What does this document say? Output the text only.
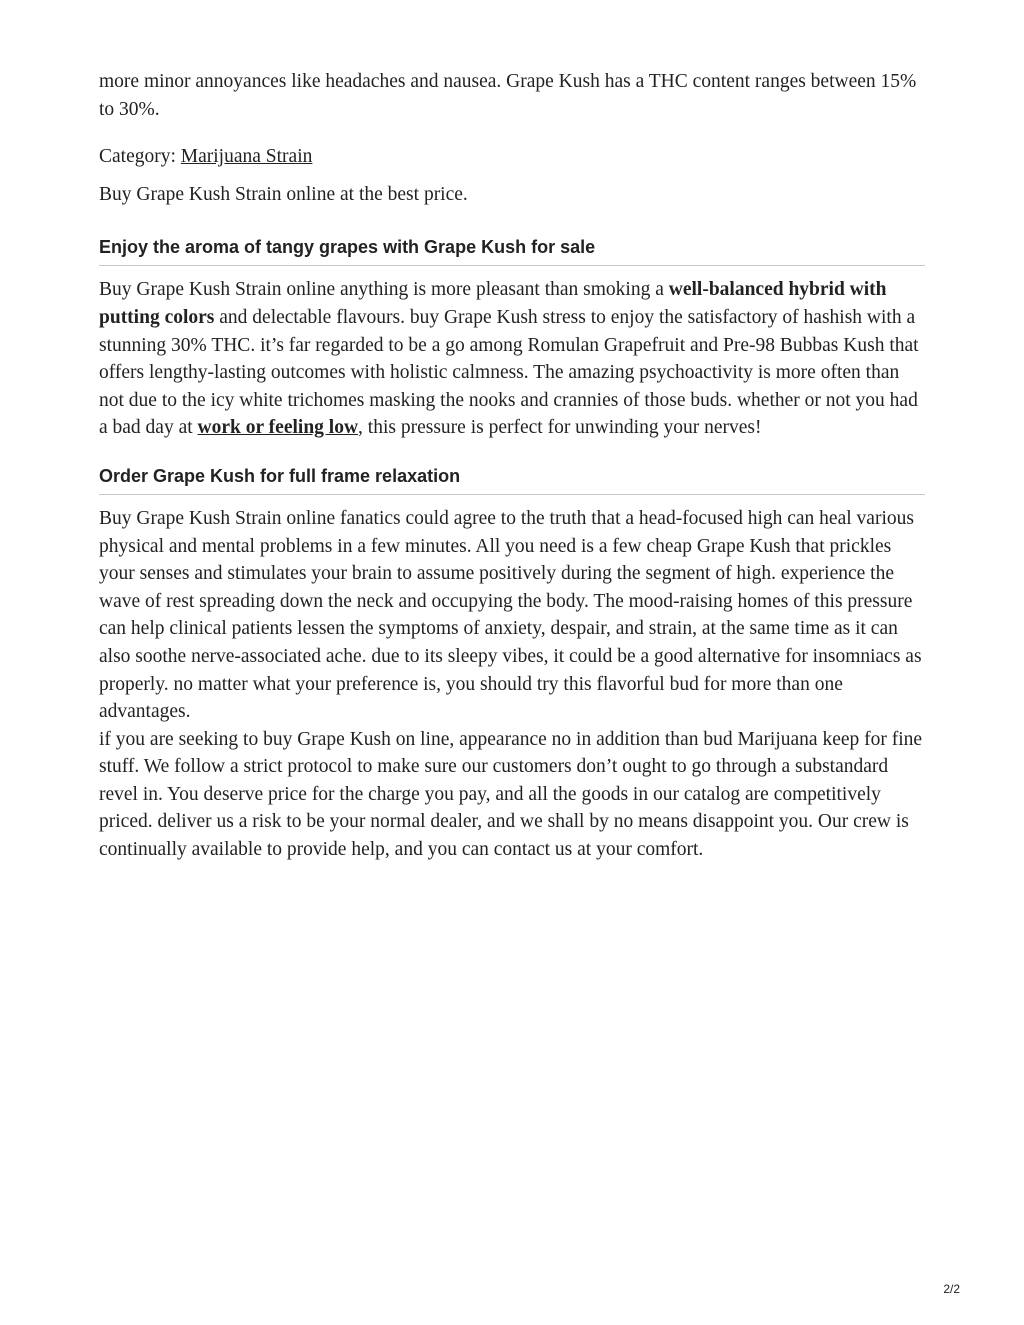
more minor annoyances like headaches and nausea. Grape Kush has a THC content ranges between 15% to 30%.

Category: Marijuana Strain

Buy Grape Kush Strain online at the best price.

Enjoy the aroma of tangy grapes with Grape Kush for sale

Buy Grape Kush Strain online anything is more pleasant than smoking a well-balanced hybrid with putting colors and delectable flavours. buy Grape Kush stress to enjoy the satisfactory of hashish with a stunning 30% THC. it’s far regarded to be a go among Romulan Grapefruit and Pre-98 Bubbas Kush that offers lengthy-lasting outcomes with holistic calmness. The amazing psychoactivity is more often than not due to the icy white trichomes masking the nooks and crannies of those buds. whether or not you had a bad day at work or feeling low, this pressure is perfect for unwinding your nerves!

Order Grape Kush for full frame relaxation

Buy Grape Kush Strain online fanatics could agree to the truth that a head-focused high can heal various physical and mental problems in a few minutes. All you need is a few cheap Grape Kush that prickles your senses and stimulates your brain to assume positively during the segment of high. experience the wave of rest spreading down the neck and occupying the body. The mood-raising homes of this pressure can help clinical patients lessen the symptoms of anxiety, despair, and strain, at the same time as it can also soothe nerve-associated ache. due to its sleepy vibes, it could be a good alternative for insomniacs as properly. no matter what your preference is, you should try this flavorful bud for more than one advantages.

if you are seeking to buy Grape Kush on line, appearance no in addition than bud Marijuana keep for fine stuff. We follow a strict protocol to make sure our customers don’t ought to go through a substandard revel in. You deserve price for the charge you pay, and all the goods in our catalog are competitively priced. deliver us a risk to be your normal dealer, and we shall by no means disappoint you. Our crew is continually available to provide help, and you can contact us at your comfort.

2/2
